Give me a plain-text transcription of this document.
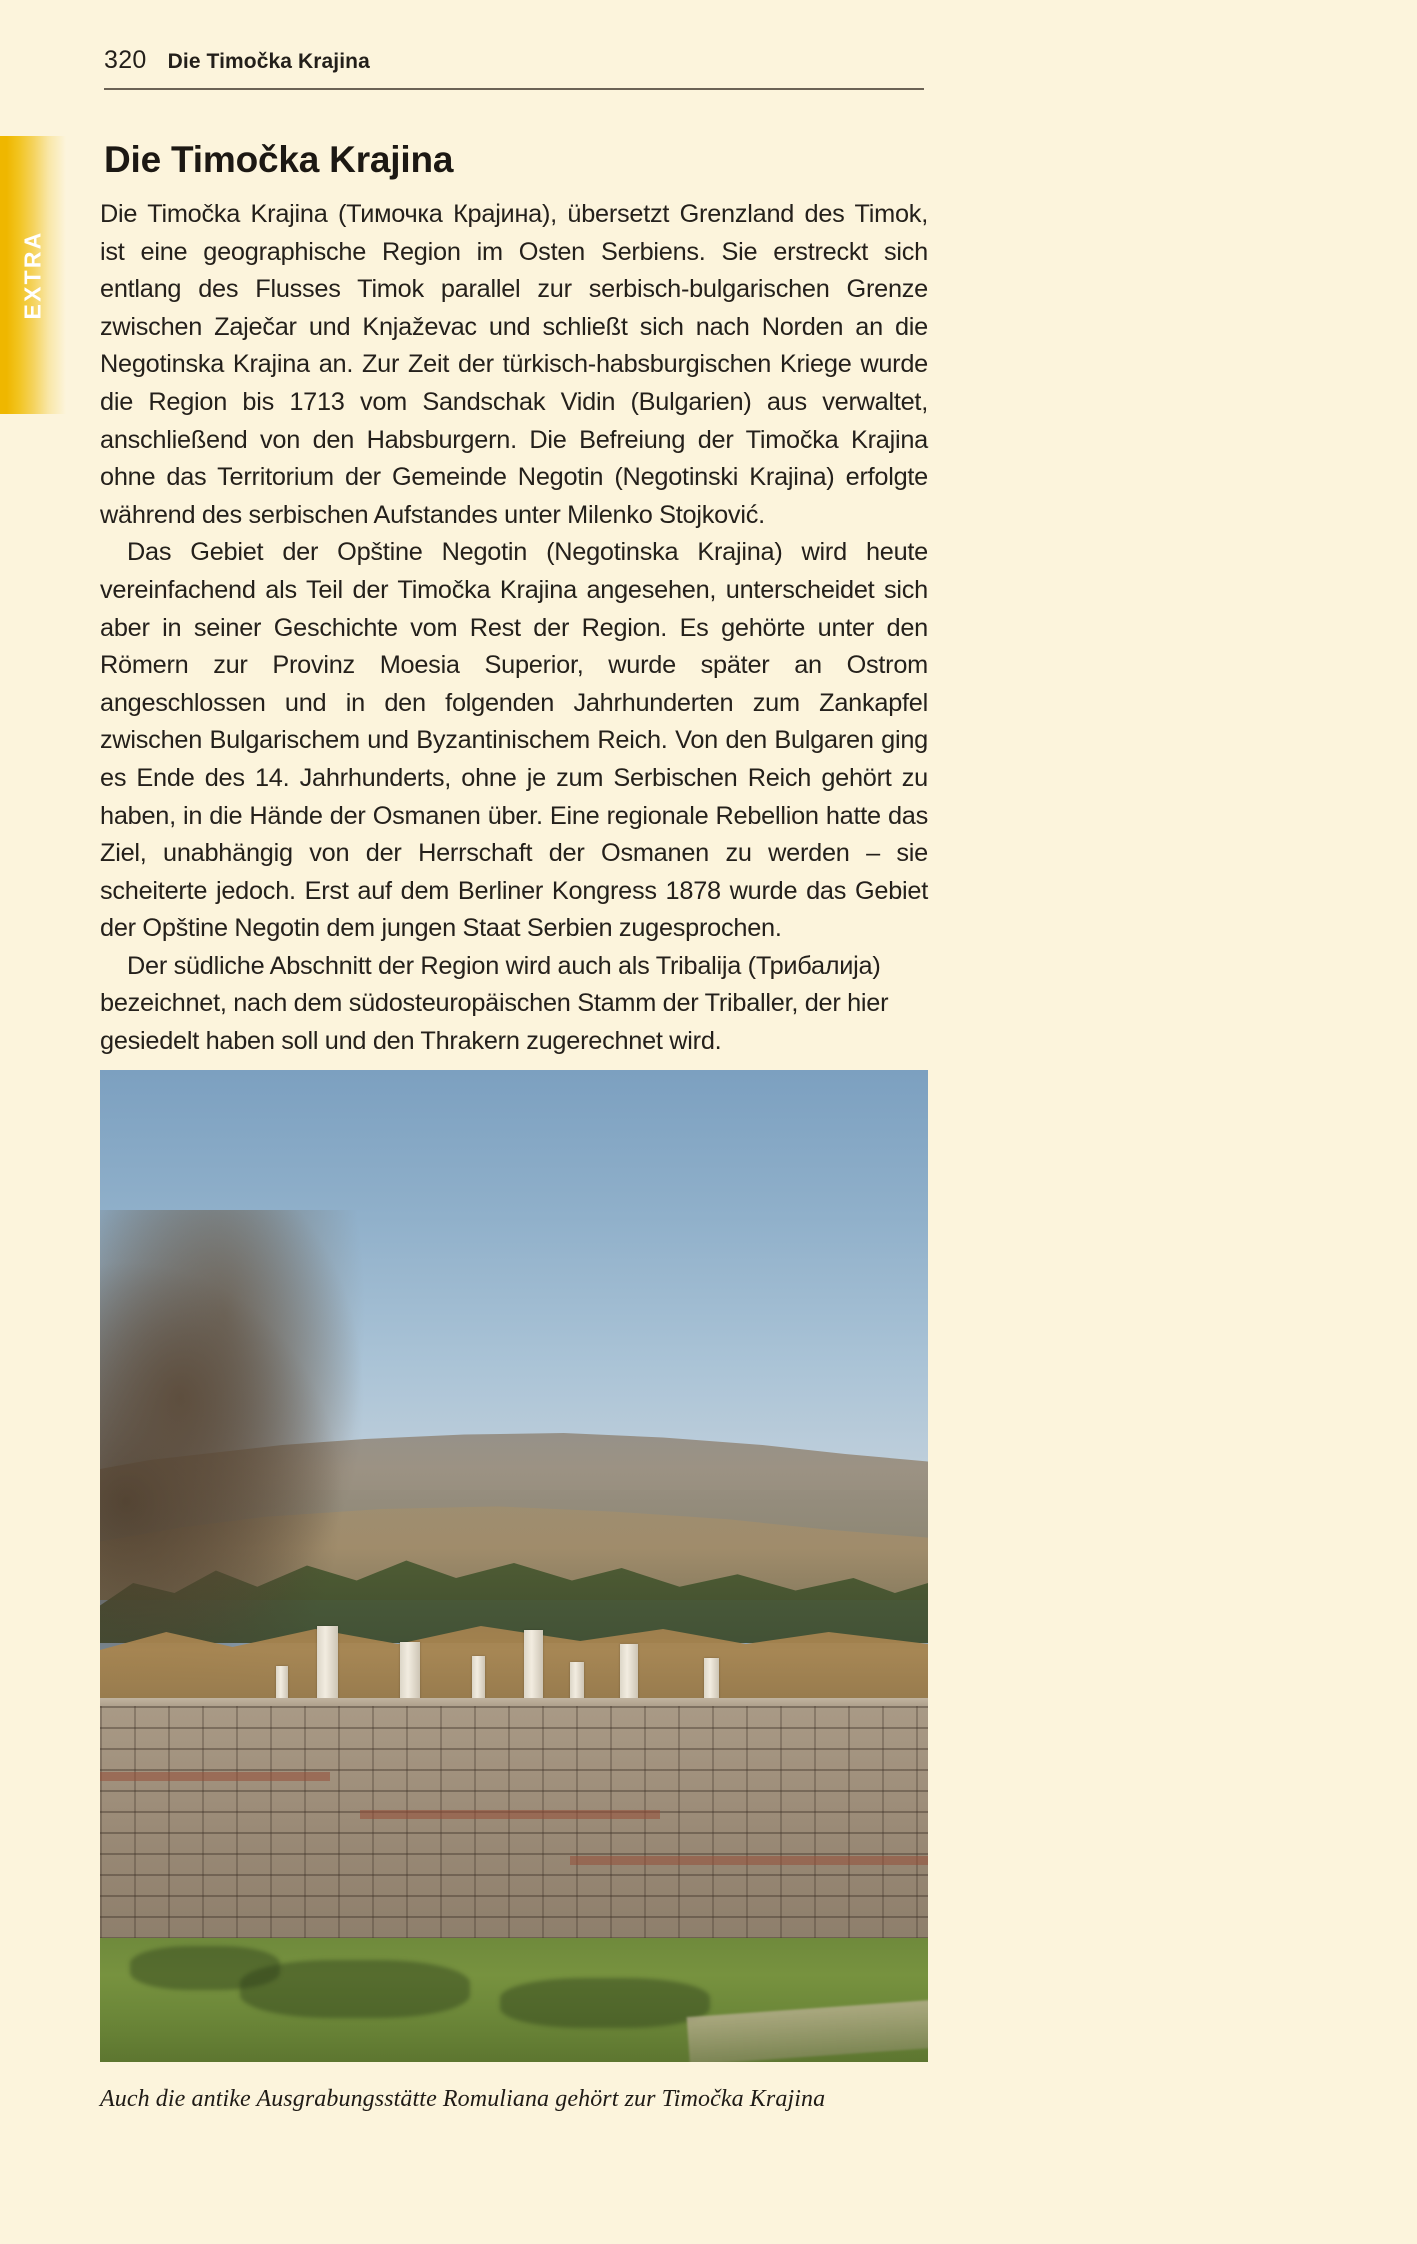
EXTRA
320 Die Timočka Krajina
Die Timočka Krajina

Die Timočka Krajina (Тимочка Крајина), übersetzt Grenzland des Timok, ist eine geographische Region im Osten Serbiens. Sie erstreckt sich entlang des Flusses Timok parallel zur serbisch-bulgarischen Grenze zwischen Zaječar und Knjaževac und schließt sich nach Norden an die Negotinska Krajina an. Zur Zeit der türkisch-habsburgischen Kriege wurde die Region bis 1713 vom Sandschak Vidin (Bulgarien) aus verwaltet, anschließend von den Habsburgern. Die Befreiung der Timočka Krajina ohne das Territorium der Gemeinde Negotin (Negotinski Krajina) erfolgte während des serbischen Aufstandes unter Milenko Stojković.

Das Gebiet der Opštine Negotin (Negotinska Krajina) wird heute vereinfachend als Teil der Timočka Krajina angesehen, unterscheidet sich aber in seiner Geschichte vom Rest der Region. Es gehörte unter den Römern zur Provinz Moesia Superior, wurde später an Ostrom angeschlossen und in den folgenden Jahrhunderten zum Zankapfel zwischen Bulgarischem und Byzantinischem Reich. Von den Bulgaren ging es Ende des 14. Jahrhunderts, ohne je zum Serbischen Reich gehört zu haben, in die Hände der Osmanen über. Eine regionale Rebellion hatte das Ziel, unabhängig von der Herrschaft der Osmanen zu werden – sie scheiterte jedoch. Erst auf dem Berliner Kongress 1878 wurde das Gebiet der Opštine Negotin dem jungen Staat Serbien zugesprochen.

Der südliche Abschnitt der Region wird auch als Tribalija (Трибалија) bezeichnet, nach dem südosteuropäischen Stamm der Triballer, der hier gesiedelt haben soll und den Thrakern zugerechnet wird.

Auch die antike Ausgrabungsstätte Romuliana gehört zur Timočka Krajina
